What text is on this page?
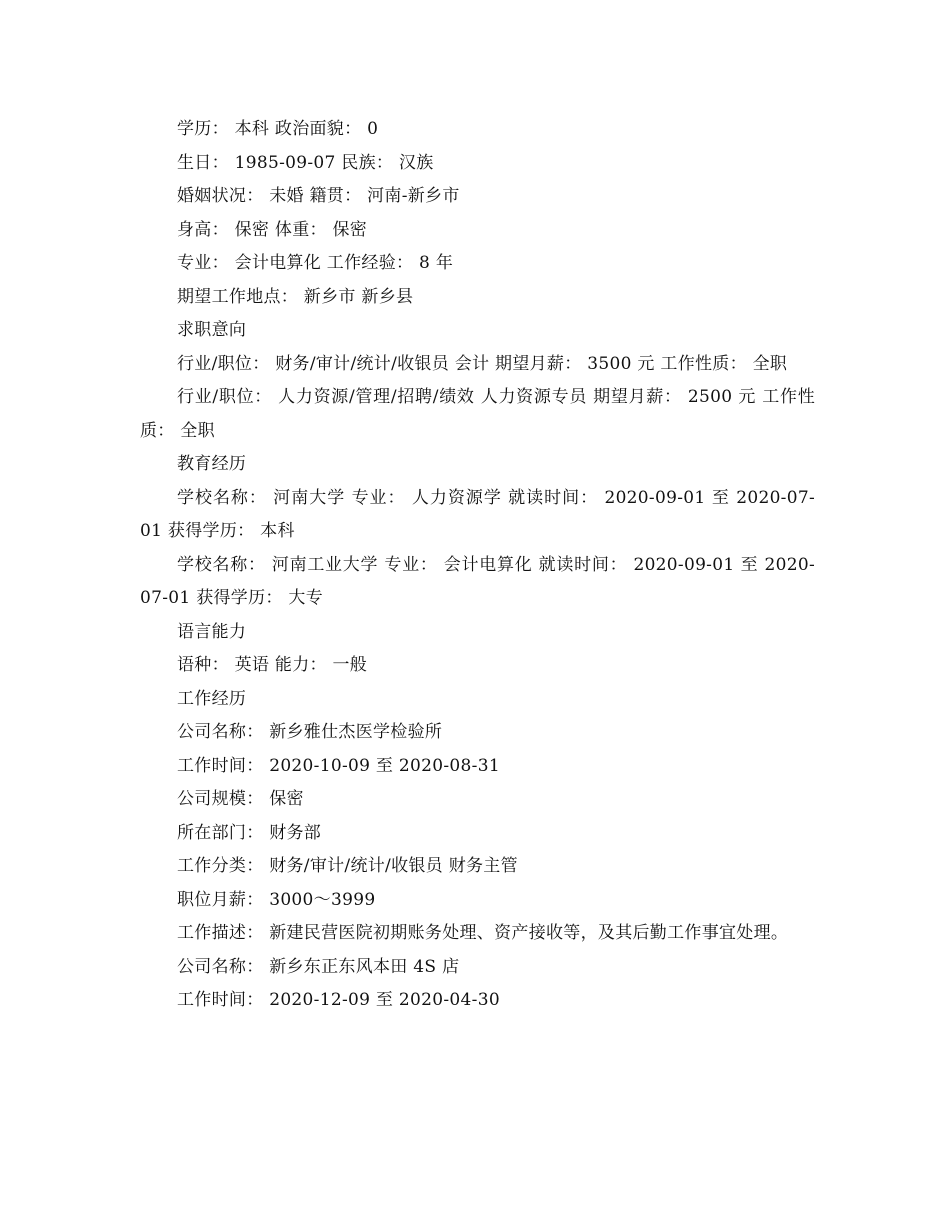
学历： 本科 政治面貌： 0
生日： 1985-09-07 民族： 汉族
婚姻状况： 未婚 籍贯： 河南-新乡市
身高： 保密 体重： 保密
专业： 会计电算化 工作经验： 8 年
期望工作地点： 新乡市 新乡县
求职意向
行业/职位： 财务/审计/统计/收银员 会计 期望月薪： 3500 元 工作性质： 全职
行业/职位： 人力资源/管理/招聘/绩效 人力资源专员 期望月薪： 2500 元 工作性质： 全职
教育经历
学校名称： 河南大学 专业： 人力资源学 就读时间： 2020-09-01 至 2020-07-01 获得学历： 本科
学校名称： 河南工业大学 专业： 会计电算化 就读时间： 2020-09-01 至 2020-07-01 获得学历： 大专
语言能力
语种： 英语 能力： 一般
工作经历
公司名称： 新乡雅仕杰医学检验所
工作时间： 2020-10-09 至 2020-08-31
公司规模： 保密
所在部门： 财务部
工作分类： 财务/审计/统计/收银员 财务主管
职位月薪： 3000～3999
工作描述： 新建民营医院初期账务处理、资产接收等，及其后勤工作事宜处理。
公司名称： 新乡东正东风本田 4S 店
工作时间： 2020-12-09 至 2020-04-30
